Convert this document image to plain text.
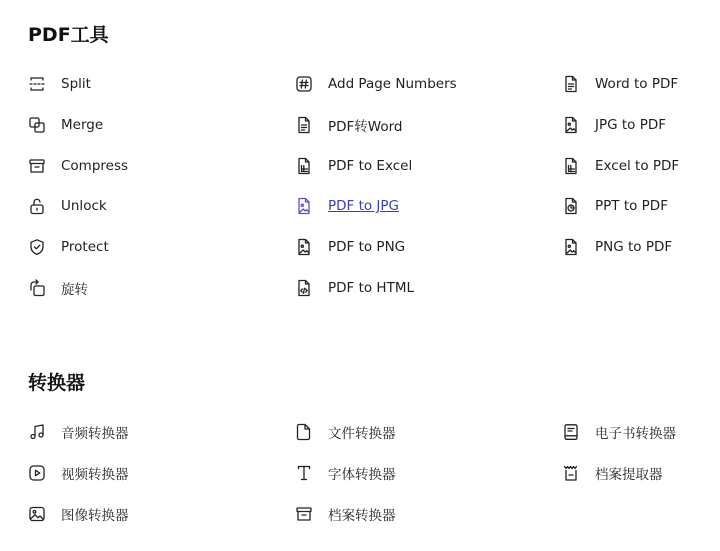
PDF工具
Split
Merge
Compress
Unlock
Protect
旋转
Add Page Numbers
PDF转Word
PDF to Excel
PDF to JPG
PDF to PNG
PDF to HTML
Word to PDF
JPG to PDF
Excel to PDF
PPT to PDF
PNG to PDF
转换器
音频转换器
视频转换器
图像转换器
文件转换器
字体转换器
档案转换器
电子书转换器
档案提取器
